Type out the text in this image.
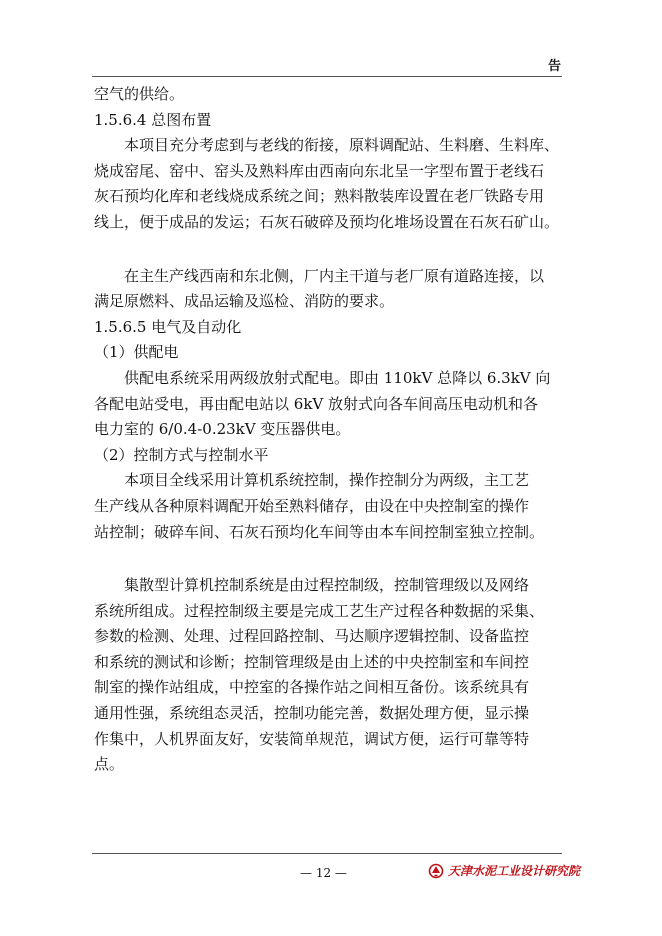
告
空气的供给。
1.5.6.4 总图布置
本项目充分考虑到与老线的衔接，原料调配站、生料磨、生料库、
烧成窑尾、窑中、窑头及熟料库由西南向东北呈一字型布置于老线石
灰石预均化库和老线烧成系统之间；熟料散装库设置在老厂铁路专用
线上，便于成品的发运；石灰石破碎及预均化堆场设置在石灰石矿山。
在主生产线西南和东北侧，厂内主干道与老厂原有道路连接，以
满足原燃料、成品运输及巡检、消防的要求。
1.5.6.5 电气及自动化
（1）供配电
供配电系统采用两级放射式配电。即由 110kV 总降以 6.3kV 向
各配电站受电，再由配电站以 6kV 放射式向各车间高压电动机和各
电力室的 6/0.4-0.23kV 变压器供电。
（2）控制方式与控制水平
本项目全线采用计算机系统控制，操作控制分为两级，主工艺
生产线从各种原料调配开始至熟料储存，由设在中央控制室的操作
站控制；破碎车间、石灰石预均化车间等由本车间控制室独立控制。
集散型计算机控制系统是由过程控制级，控制管理级以及网络
系统所组成。过程控制级主要是完成工艺生产过程各种数据的采集、
参数的检测、处理、过程回路控制、马达顺序逻辑控制、设备监控
和系统的测试和诊断；控制管理级是由上述的中央控制室和车间控
制室的操作站组成，中控室的各操作站之间相互备份。该系统具有
通用性强，系统组态灵活，控制功能完善，数据处理方便，显示操
作集中，人机界面友好，安装简单规范，调试方便，运行可靠等特
点。
— 12 —	天津水泥工业设计研究院
